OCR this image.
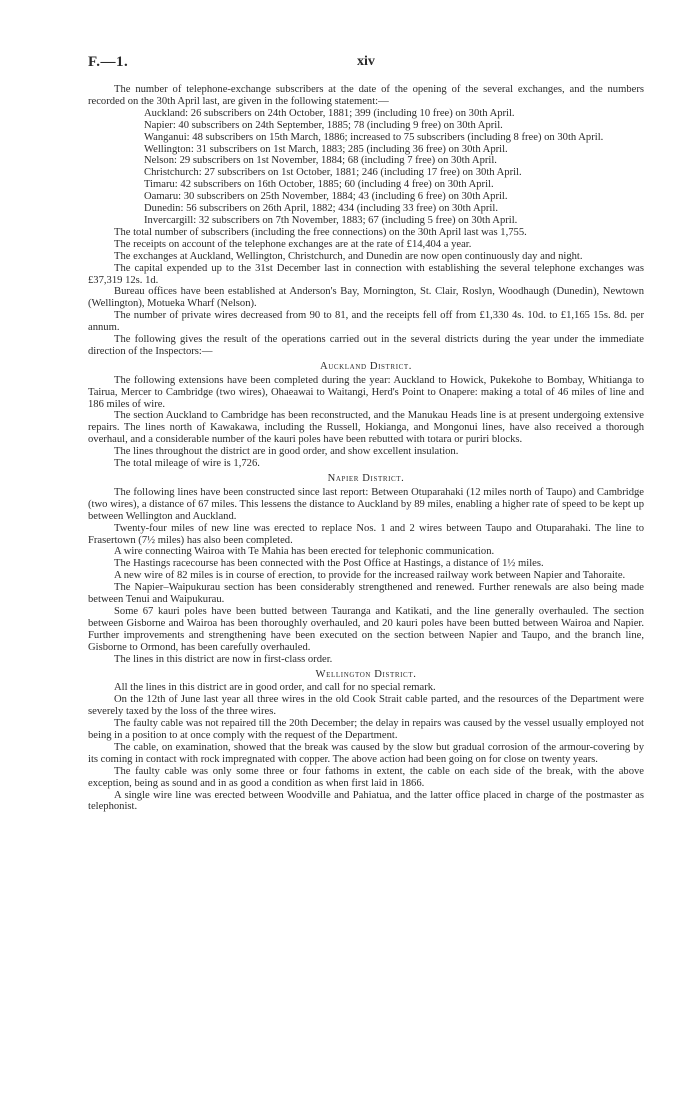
F.—1.	xiv

The number of telephone-exchange subscribers at the date of the opening of the several exchanges, and the numbers recorded on the 30th April last, are given in the following statement:—

Auckland: 26 subscribers on 24th October, 1881; 399 (including 10 free) on 30th April.

Napier: 40 subscribers on 24th September, 1885; 78 (including 9 free) on 30th April.

Wanganui: 48 subscribers on 15th March, 1886; increased to 75 subscribers (including 8 free) on 30th April.

Wellington: 31 subscribers on 1st March, 1883; 285 (including 36 free) on 30th April.

Nelson: 29 subscribers on 1st November, 1884; 68 (including 7 free) on 30th April.

Christchurch: 27 subscribers on 1st October, 1881; 246 (including 17 free) on 30th April.

Timaru: 42 subscribers on 16th October, 1885; 60 (including 4 free) on 30th April.

Oamaru: 30 subscribers on 25th November, 1884; 43 (including 6 free) on 30th April.

Dunedin: 56 subscribers on 26th April, 1882; 434 (including 33 free) on 30th April.

Invercargill: 32 subscribers on 7th November, 1883; 67 (including 5 free) on 30th April.

The total number of subscribers (including the free connections) on the 30th April last was 1,755.

The receipts on account of the telephone exchanges are at the rate of £14,404 a year.

The exchanges at Auckland, Wellington, Christchurch, and Dunedin are now open continuously day and night.

The capital expended up to the 31st December last in connection with establishing the several telephone exchanges was £37,319 12s. 1d.

Bureau offices have been established at Anderson's Bay, Mornington, St. Clair, Roslyn, Woodhaugh (Dunedin), Newtown (Wellington), Motueka Wharf (Nelson).

The number of private wires decreased from 90 to 81, and the receipts fell off from £1,330 4s. 10d. to £1,165 15s. 8d. per annum.

The following gives the result of the operations carried out in the several districts during the year under the immediate direction of the Inspectors:—

Auckland District.

The following extensions have been completed during the year: Auckland to Howick, Pukekohe to Bombay, Whitianga to Tairua, Mercer to Cambridge (two wires), Ohaeawai to Waitangi, Herd's Point to Onapere: making a total of 46 miles of line and 186 miles of wire.

The section Auckland to Cambridge has been reconstructed, and the Manukau Heads line is at present undergoing extensive repairs. The lines north of Kawakawa, including the Russell, Hokianga, and Mongonui lines, have also received a thorough overhaul, and a considerable number of the kauri poles have been rebutted with totara or puriri blocks.

The lines throughout the district are in good order, and show excellent insulation.

The total mileage of wire is 1,726.

Napier District.

The following lines have been constructed since last report: Between Otuparahaki (12 miles north of Taupo) and Cambridge (two wires), a distance of 67 miles. This lessens the distance to Auckland by 89 miles, enabling a higher rate of speed to be kept up between Wellington and Auckland.

Twenty-four miles of new line was erected to replace Nos. 1 and 2 wires between Taupo and Otuparahaki. The line to Frasertown (7½ miles) has also been completed.

A wire connecting Wairoa with Te Mahia has been erected for telephonic communication.

The Hastings racecourse has been connected with the Post Office at Hastings, a distance of 1½ miles.

A new wire of 82 miles is in course of erection, to provide for the increased railway work between Napier and Tahoraite.

The Napier–Waipukurau section has been considerably strengthened and renewed. Further renewals are also being made between Tenui and Waipukurau.

Some 67 kauri poles have been butted between Tauranga and Katikati, and the line generally overhauled. The section between Gisborne and Wairoa has been thoroughly overhauled, and 20 kauri poles have been butted between Wairoa and Napier. Further improvements and strengthening have been executed on the section between Napier and Taupo, and the branch line, Gisborne to Ormond, has been carefully overhauled.

The lines in this district are now in first-class order.

Wellington District.

All the lines in this district are in good order, and call for no special remark.

On the 12th of June last year all three wires in the old Cook Strait cable parted, and the resources of the Department were severely taxed by the loss of the three wires.

The faulty cable was not repaired till the 20th December; the delay in repairs was caused by the vessel usually employed not being in a position to at once comply with the request of the Department.

The cable, on examination, showed that the break was caused by the slow but gradual corrosion of the armour-covering by its coming in contact with rock impregnated with copper. The above action had been going on for close on twenty years.

The faulty cable was only some three or four fathoms in extent, the cable on each side of the break, with the above exception, being as sound and in as good a condition as when first laid in 1866.

A single wire line was erected between Woodville and Pahiatua, and the latter office placed in charge of the postmaster as telephonist.
